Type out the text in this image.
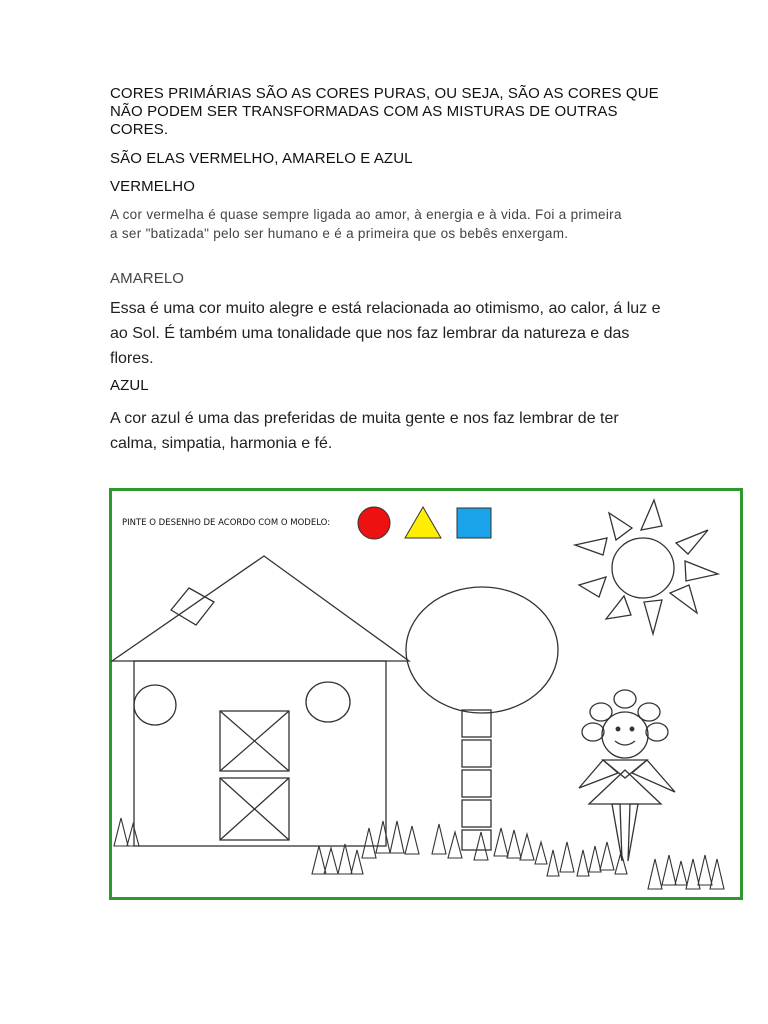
CORES PRIMÁRIAS SÃO AS CORES PURAS, OU SEJA, SÃO AS CORES QUE NÃO PODEM SER TRANSFORMADAS COM AS MISTURAS DE OUTRAS CORES.

SÃO ELAS VERMELHO, AMARELO E AZUL

VERMELHO

A cor vermelha é quase sempre ligada ao amor, à energia e à vida. Foi a primeira a ser "batizada" pelo ser humano e é a primeira que os bebês enxergam.

AMARELO

Essa é uma cor muito alegre e está relacionada ao otimismo, ao calor, á luz e ao Sol. É também uma tonalidade que nos faz lembrar da natureza e das flores.

AZUL

A cor azul é uma das preferidas de muita gente e nos faz lembrar de ter calma, simpatia, harmonia e fé.

PINTE O DESENHO DE ACORDO COM O MODELO:
